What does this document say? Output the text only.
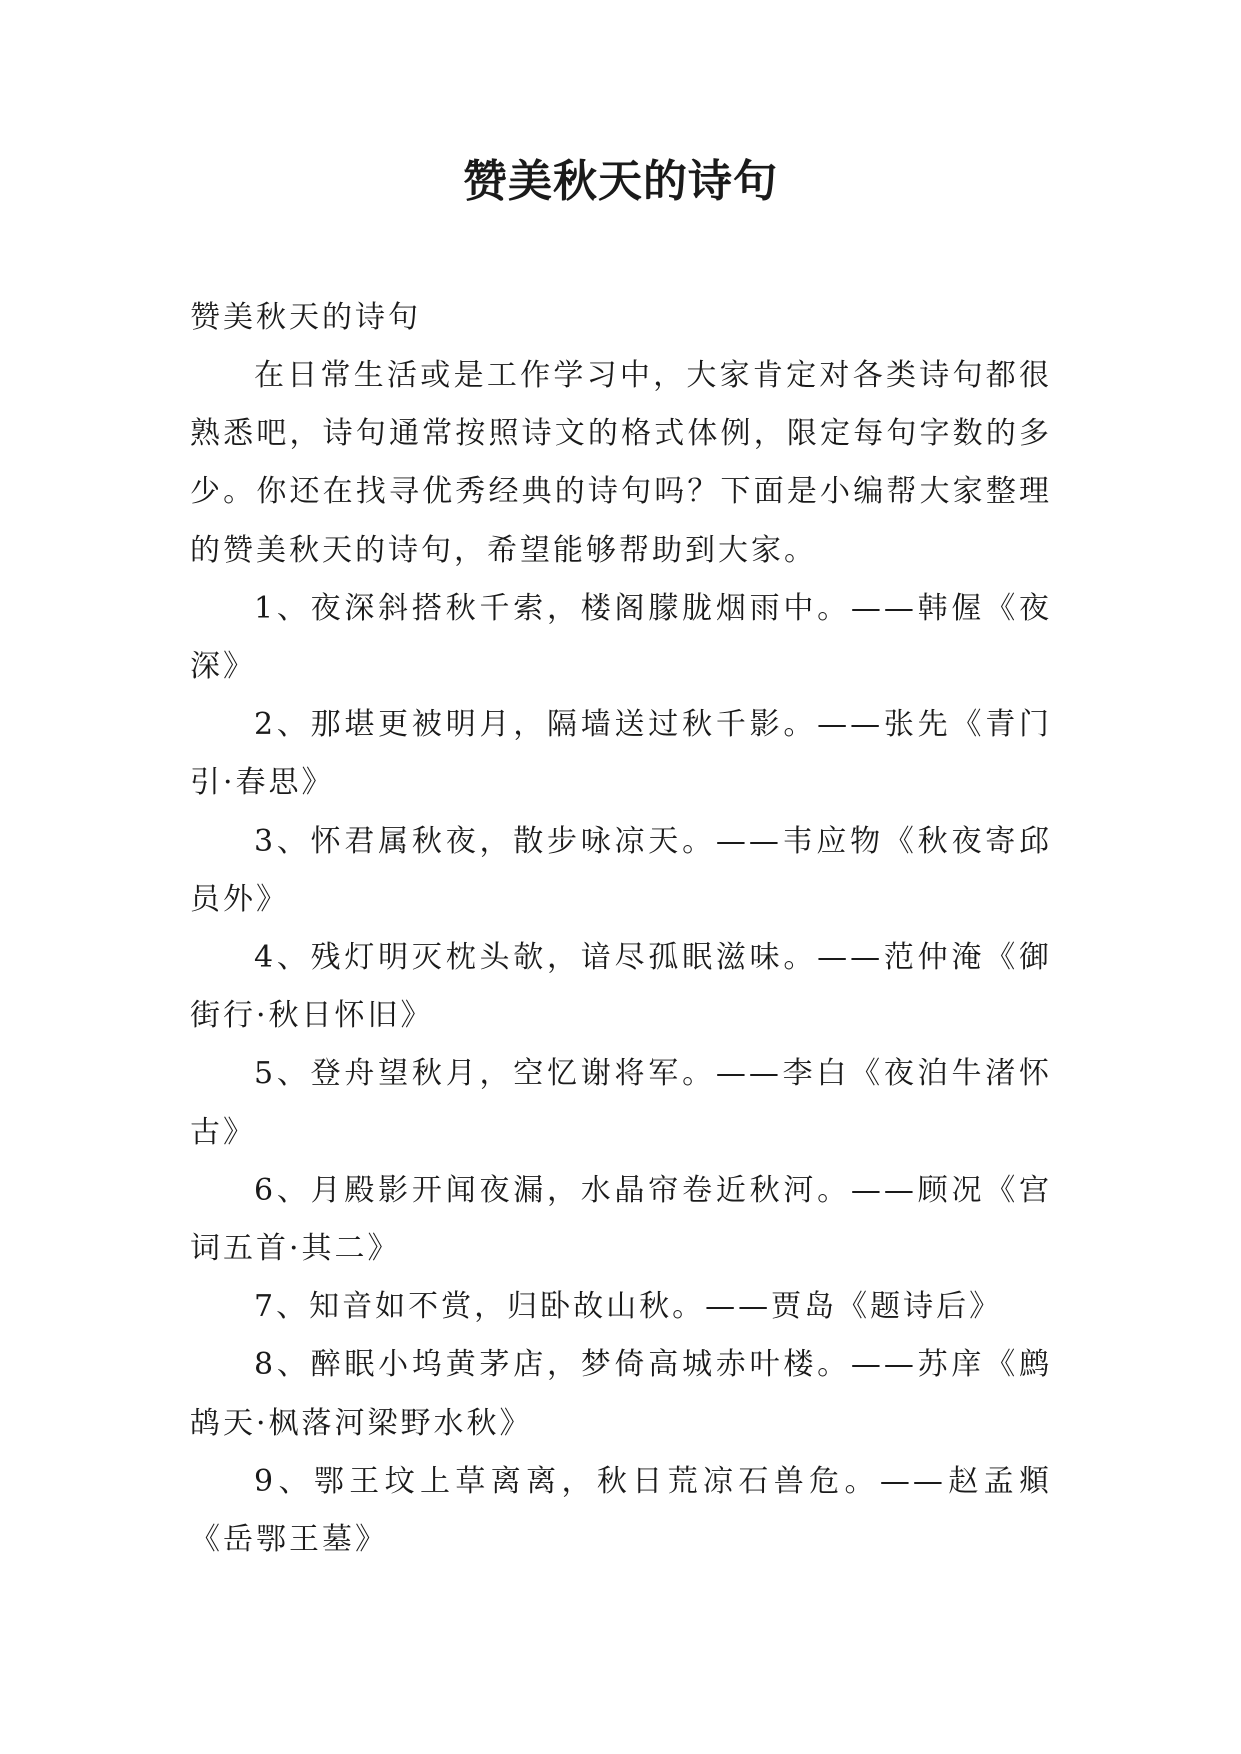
赞美秋天的诗句

赞美秋天的诗句

在日常生活或是工作学习中，大家肯定对各类诗句都很熟悉吧，诗句通常按照诗文的格式体例，限定每句字数的多少。你还在找寻优秀经典的诗句吗？下面是小编帮大家整理的赞美秋天的诗句，希望能够帮助到大家。

1、夜深斜搭秋千索，楼阁朦胧烟雨中。——韩偓《夜深》

2、那堪更被明月，隔墙送过秋千影。——张先《青门引·春思》

3、怀君属秋夜，散步咏凉天。——韦应物《秋夜寄邱员外》

4、残灯明灭枕头欹，谙尽孤眠滋味。——范仲淹《御街行·秋日怀旧》

5、登舟望秋月，空忆谢将军。——李白《夜泊牛渚怀古》

6、月殿影开闻夜漏，水晶帘卷近秋河。——顾况《宫词五首·其二》

7、知音如不赏，归卧故山秋。——贾岛《题诗后》

8、醉眠小坞黄茅店，梦倚高城赤叶楼。——苏庠《鹧鸪天·枫落河梁野水秋》

9、鄂王坟上草离离，秋日荒凉石兽危。——赵孟頫《岳鄂王墓》
